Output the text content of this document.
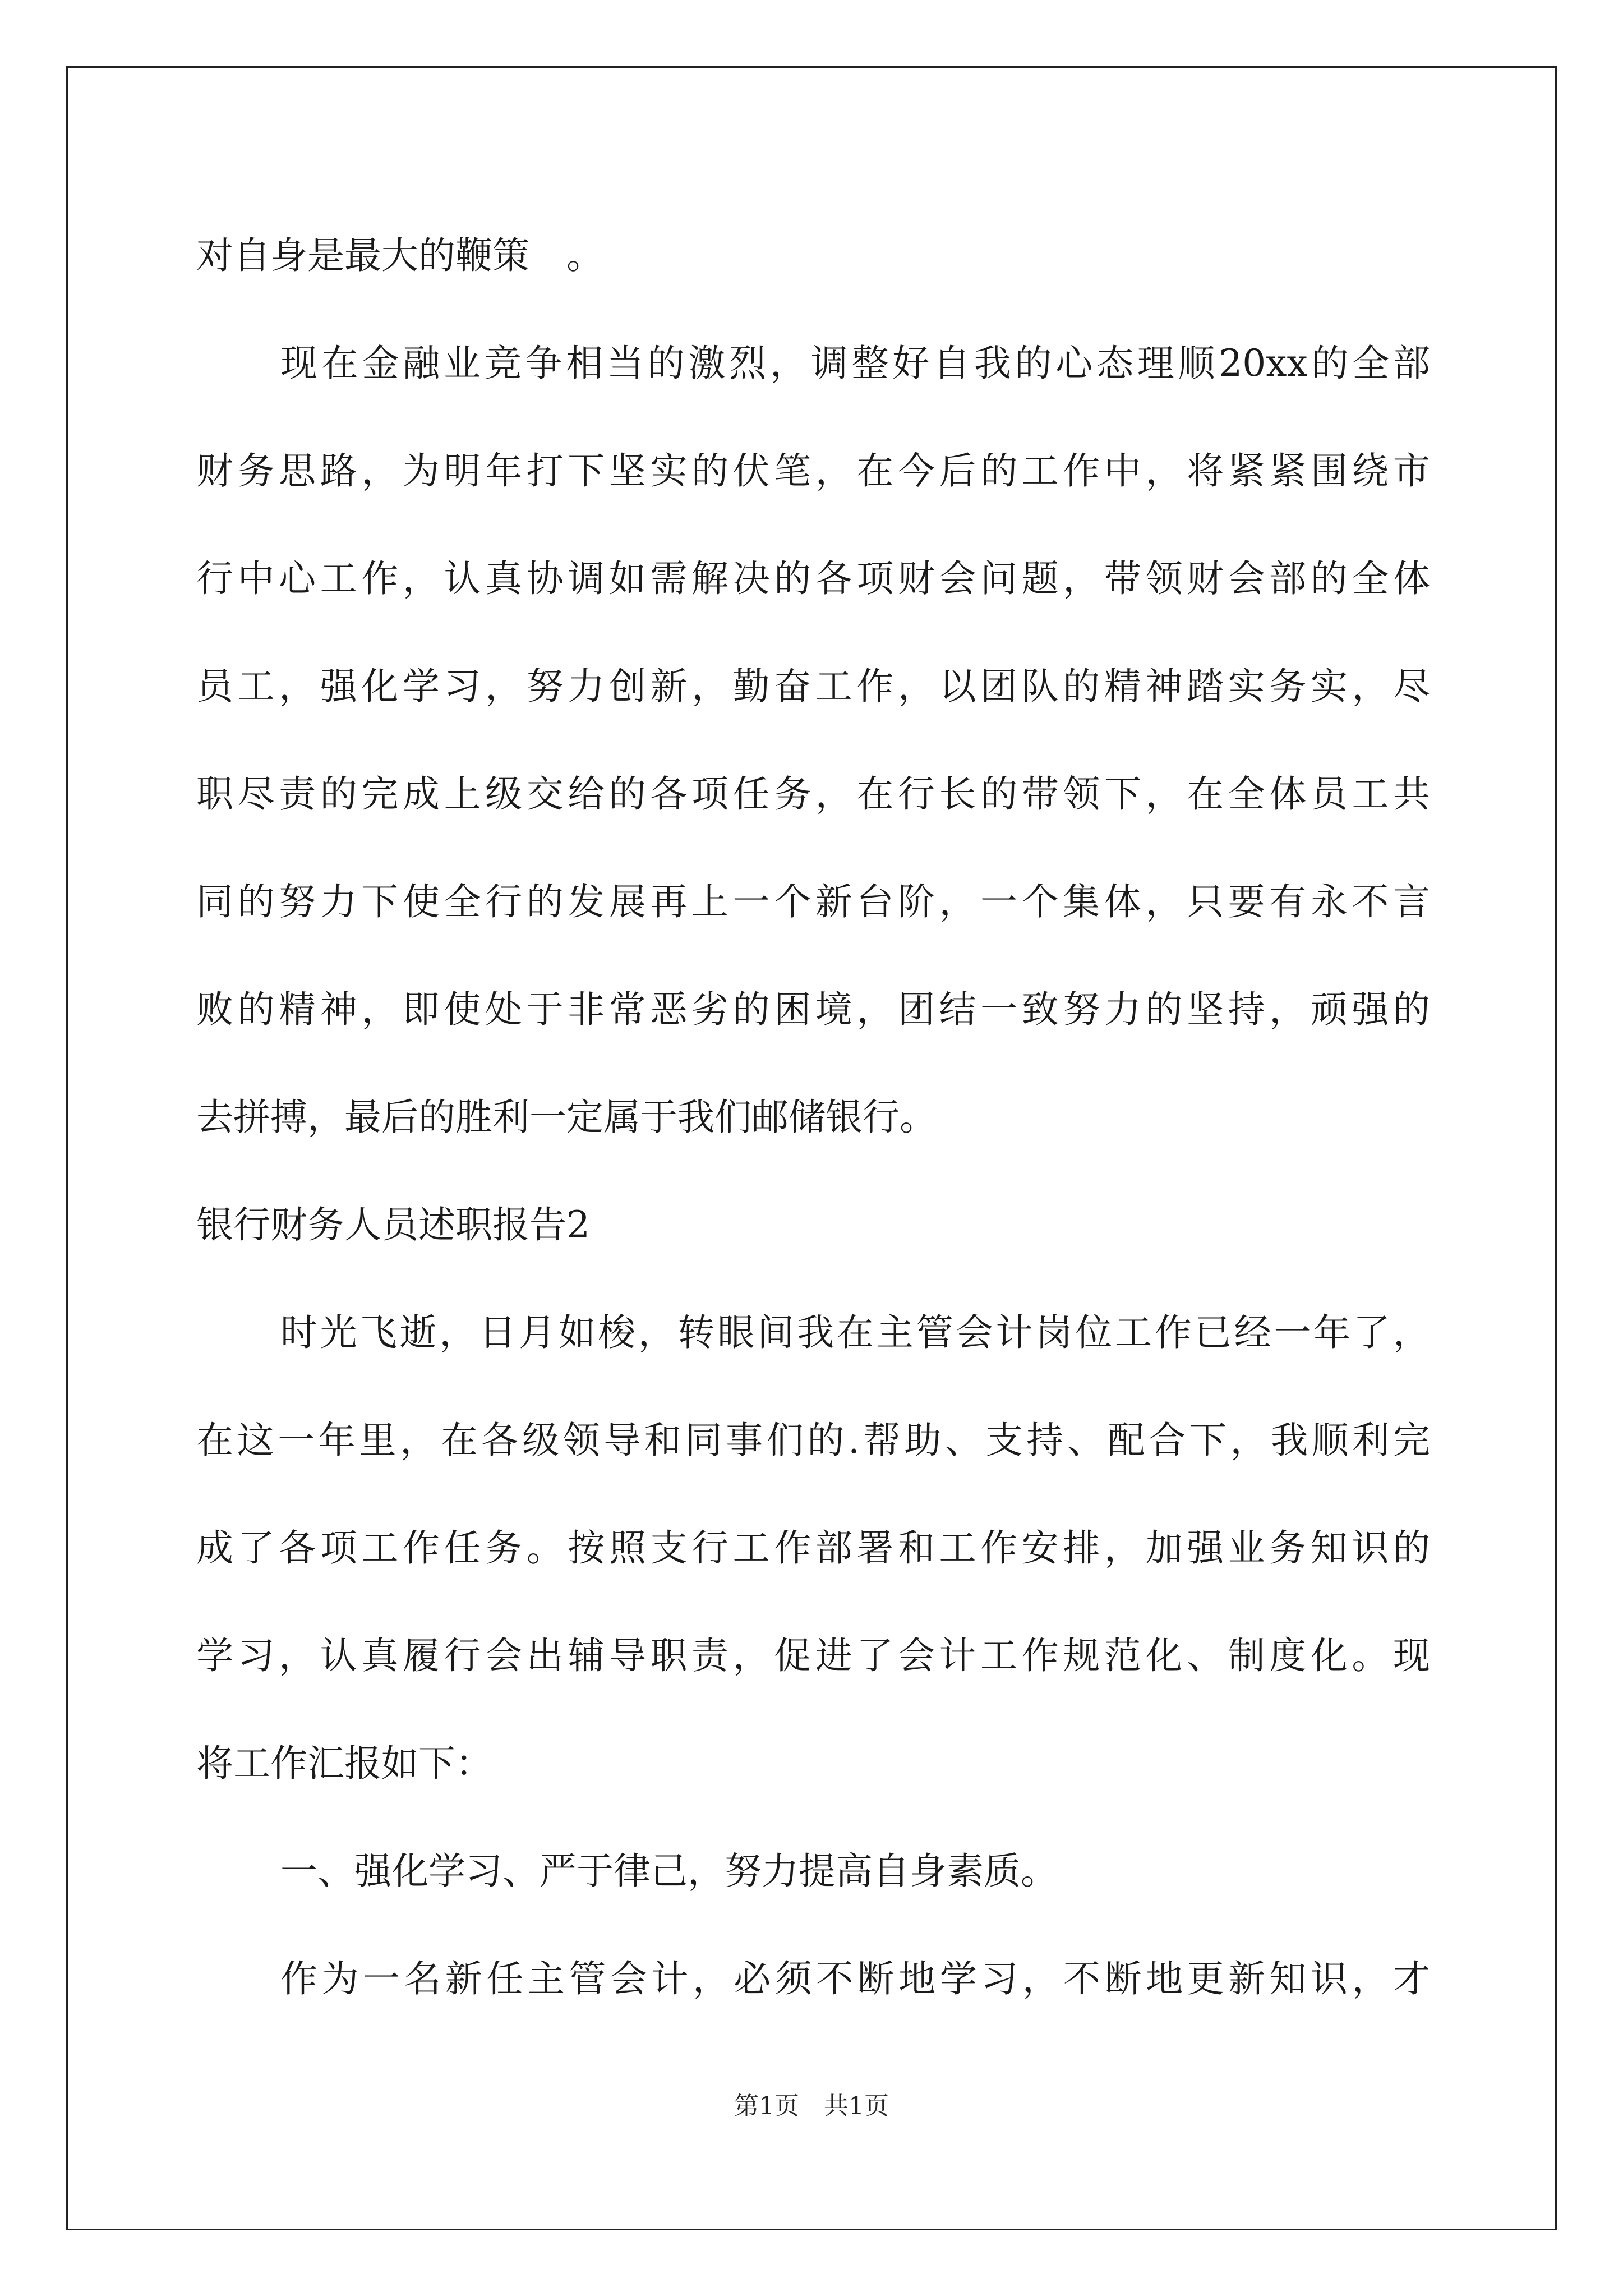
对自身是最大的鞭策　。
现在金融业竞争相当的激烈，调整好自我的心态理顺20xx的全部
财务思路，为明年打下坚实的伏笔，在今后的工作中，将紧紧围绕市
行中心工作，认真协调如需解决的各项财会问题，带领财会部的全体
员工，强化学习，努力创新，勤奋工作，以团队的精神踏实务实，尽
职尽责的完成上级交给的各项任务，在行长的带领下，在全体员工共
同的努力下使全行的发展再上一个新台阶，一个集体，只要有永不言
败的精神，即使处于非常恶劣的困境，团结一致努力的坚持，顽强的
去拼搏，最后的胜利一定属于我们邮储银行。
银行财务人员述职报告2
时光飞逝，日月如梭，转眼间我在主管会计岗位工作已经一年了，
在这一年里，在各级领导和同事们的.帮助、支持、配合下，我顺利完
成了各项工作任务。按照支行工作部署和工作安排，加强业务知识的
学习，认真履行会出辅导职责，促进了会计工作规范化、制度化。现
将工作汇报如下：
一、强化学习、严于律己，努力提高自身素质。
作为一名新任主管会计，必须不断地学习，不断地更新知识，才
第1页　共1页
